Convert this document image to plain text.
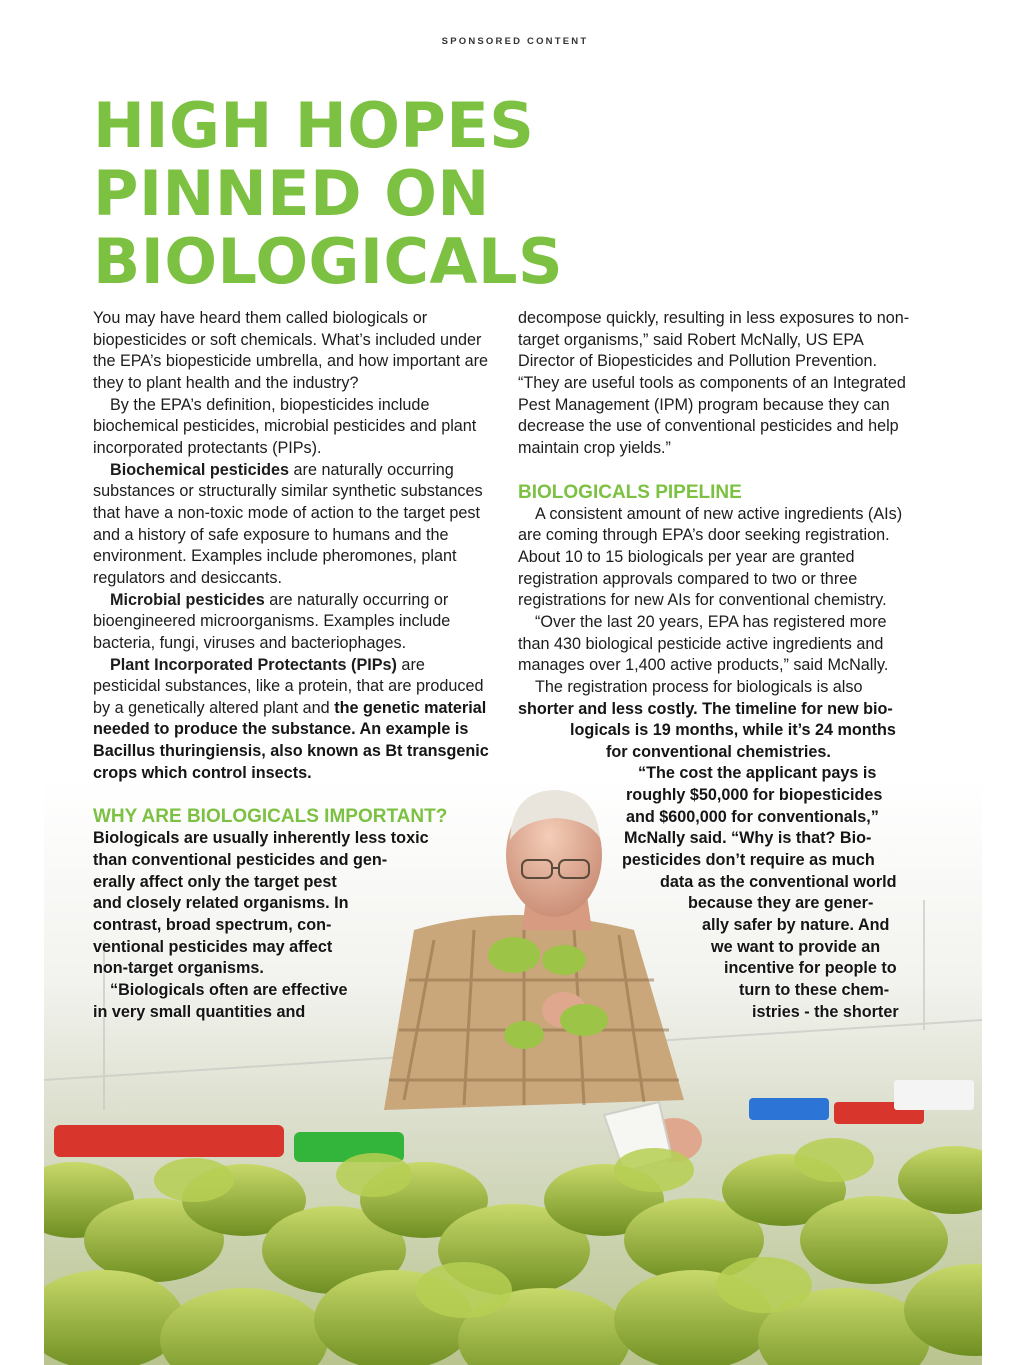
SPONSORED CONTENT
HIGH HOPES
PINNED ON
BIOLOGICALS

You may have heard them called biologicals or biopesticides or soft chemicals. What’s included under the EPA’s biopesticide umbrella, and how important are they to plant health and the industry?

By the EPA’s definition, biopesticides include biochemical pesticides, microbial pesticides and plant incorporated protectants (PIPs).

Biochemical pesticides are naturally occurring substances or structurally similar synthetic substances that have a non-toxic mode of action to the target pest and a history of safe exposure to humans and the environment. Examples include pheromones, plant regulators and desiccants.

Microbial pesticides are naturally occurring or bioengineered microorganisms. Examples include bacteria, fungi, viruses and bacteriophages.

Plant Incorporated Protectants (PIPs) are pesticidal substances, like a protein, that are produced by a genetically altered plant and the genetic material needed to produce the substance. An example is Bacillus thuringiensis, also known as Bt transgenic crops which control insects.

WHY ARE BIOLOGICALS IMPORTANT?

Biologicals are usually inherently less toxic

than conventional pesticides and gen-

erally affect only the target pest

and closely related organisms. In

contrast, broad spectrum, con-

ventional pesticides may affect

non-target organisms.

“Biologicals often are effective

in very small quantities and

decompose quickly, resulting in less exposures to non-target organisms,” said Robert McNally, US EPA Director of Biopesticides and Pollution Prevention. “They are useful tools as components of an Integrated Pest Management (IPM) program because they can decrease the use of conventional pesticides and help maintain crop yields.”

BIOLOGICALS PIPELINE

A consistent amount of new active ingredients (AIs) are coming through EPA’s door seeking registration. About 10 to 15 biologicals per year are granted registration approvals compared to two or three registrations for new AIs for conventional chemistry.

“Over the last 20 years, EPA has registered more than 430 biological pesticide active ingredients and manages over 1,400 active products,” said McNally.

The registration process for biologicals is also

shorter and less costly. The timeline for new bio-

logicals is 19 months, while it’s 24 months

for conventional chemistries.

“The cost the applicant pays is

roughly $50,000 for biopesticides

and $600,000 for conventionals,”

McNally said. “Why is that? Bio-

pesticides don’t require as much

data as the conventional world

because they are gener-

ally safer by nature. And

we want to provide an

incentive for people to

turn to these chem-

istries - the shorter
